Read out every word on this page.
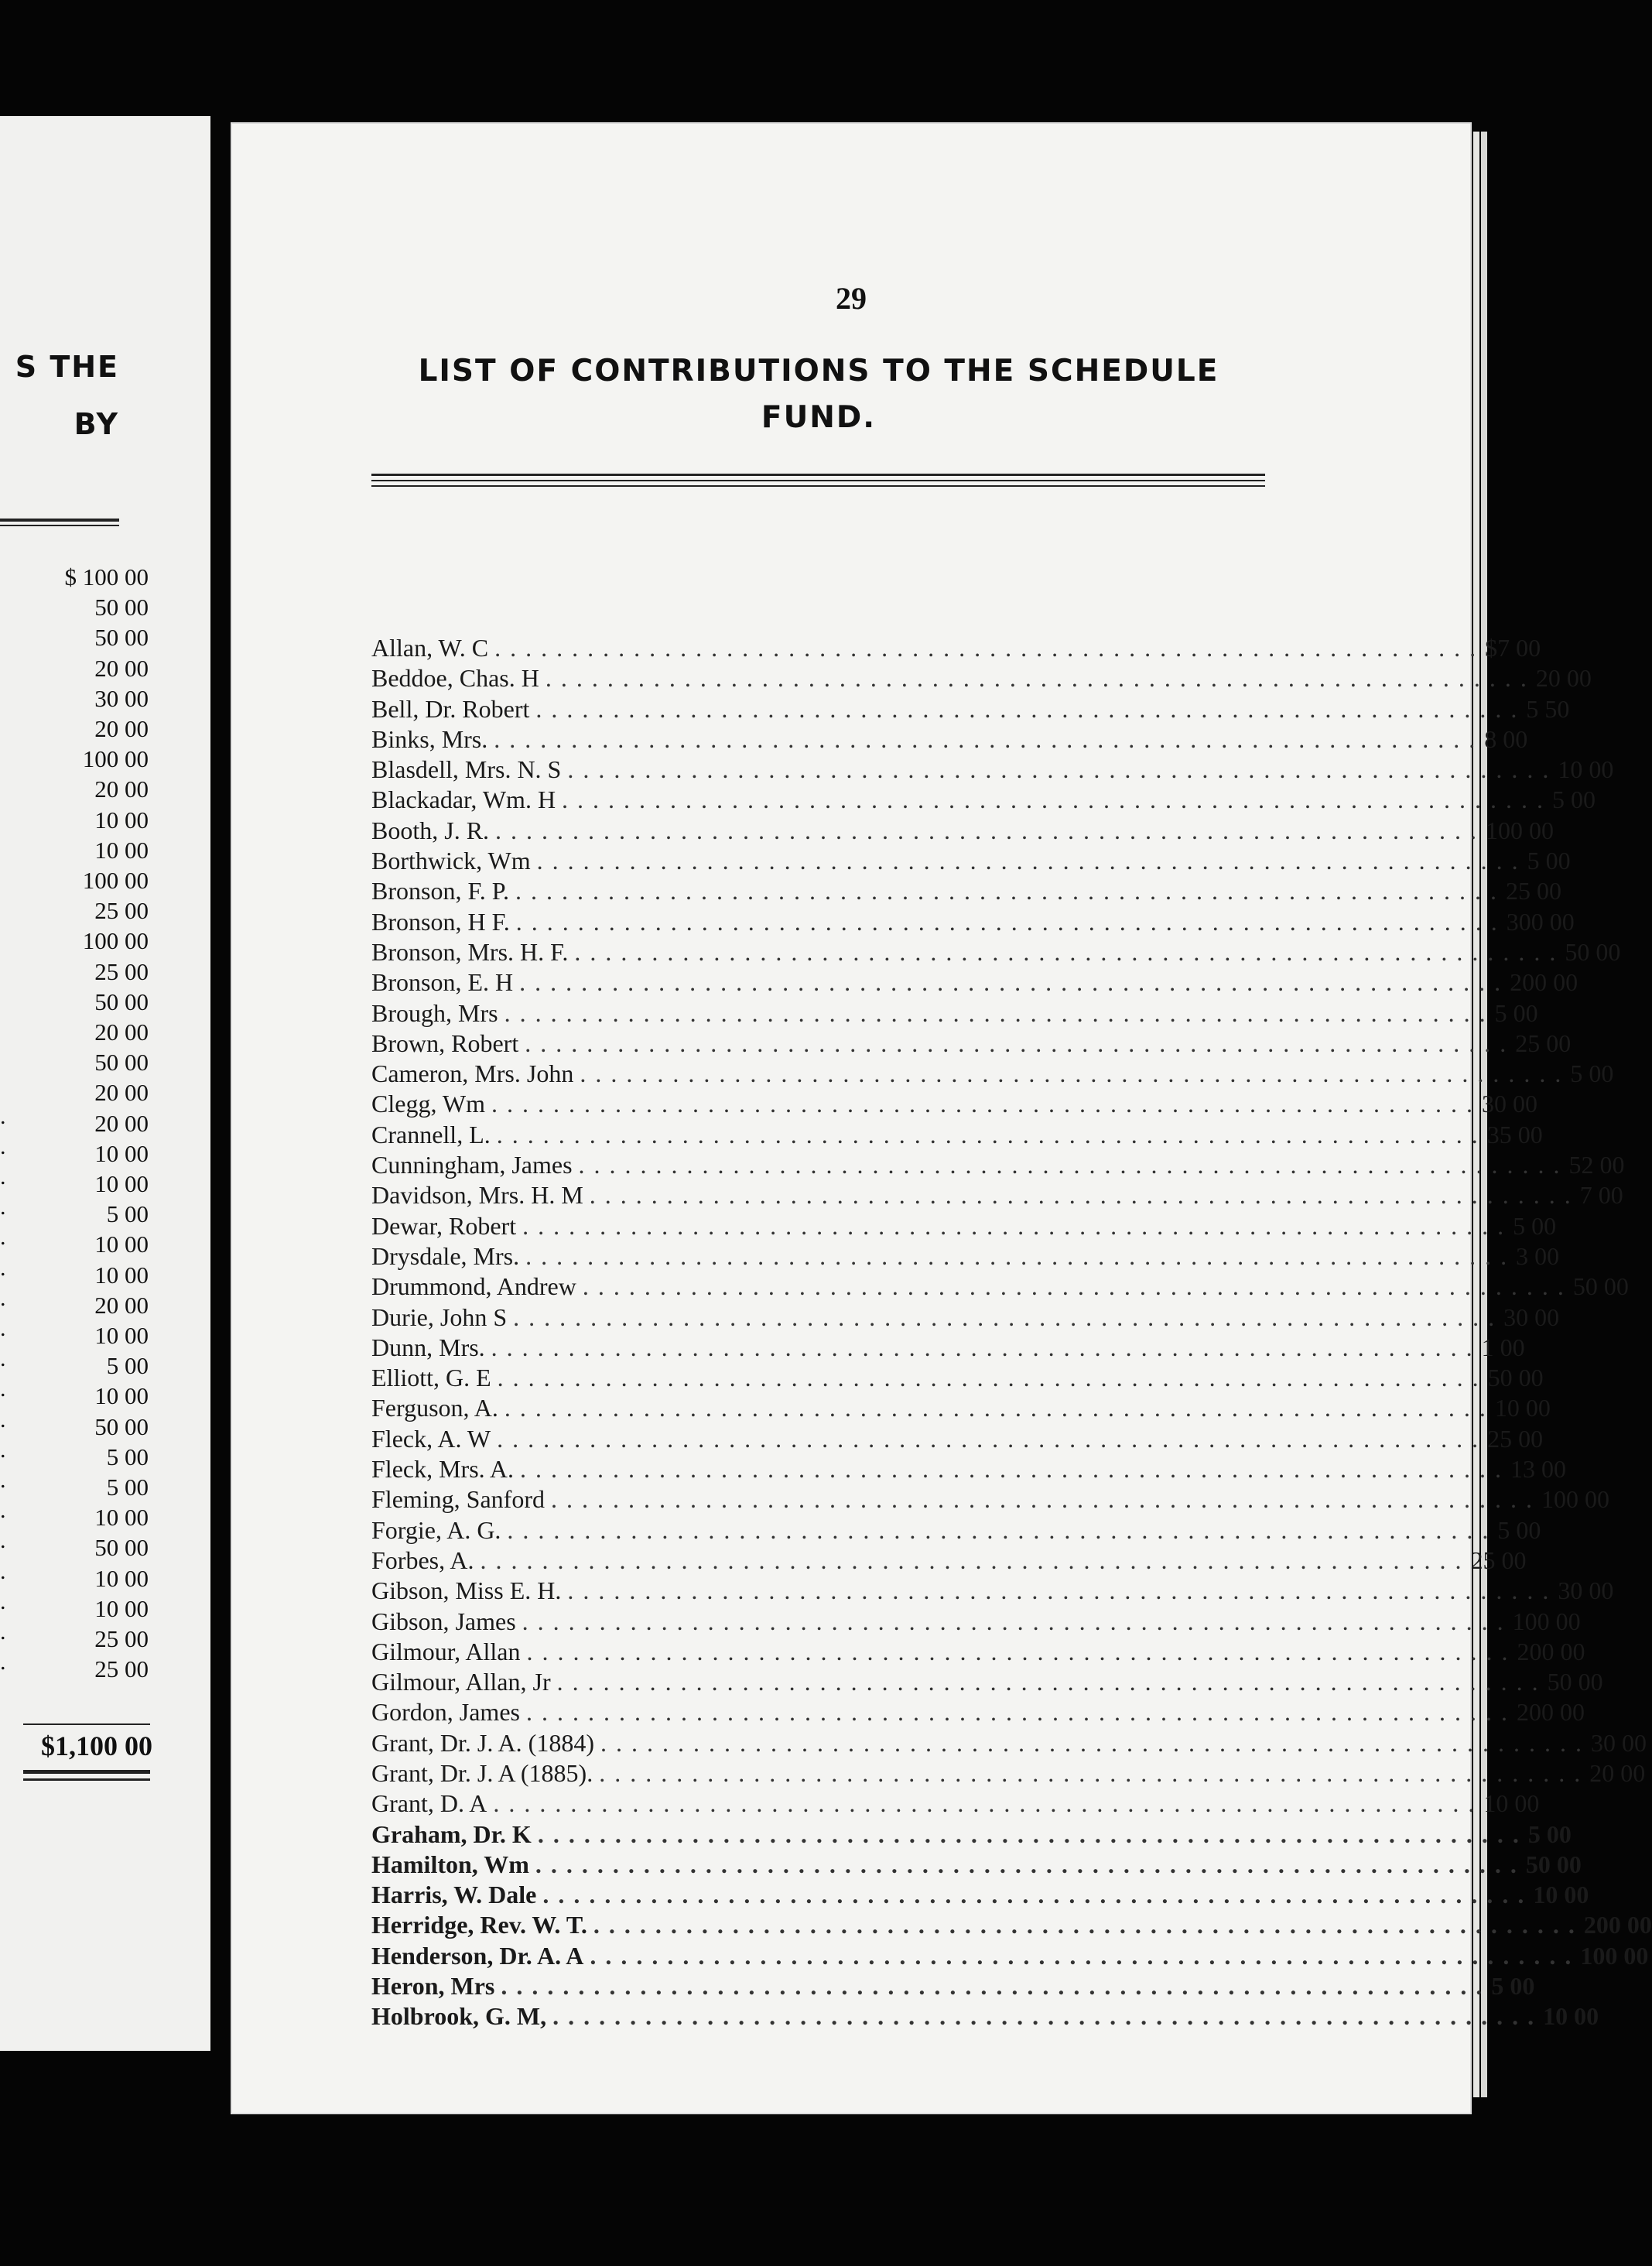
S THE
BY
$ 100 00
50 00
50 00
20 00
30 00
20 00
100 00
20 00
10 00
10 00
100 00
25 00
100 00
25 00
50 00
20 00
50 00
20 00
20 00
.
10 00
.
10 00
.
5 00
.
10 00
.
10 00
.
20 00
.
10 00
.
5 00
.
10 00
.
50 00
.
5 00
.
5 00
.
10 00
.
50 00
.
10 00
.
10 00
.
25 00
.
25 00
.
$1,100 00
29
LIST OF CONTRIBUTIONS TO THE SCHEDULE FUND.
Allan, W. C . . . . . . . . . . . . . . . . . . . . . . . . . . . . . . . . . . . . . . . . . . . . . . . . . . . . . . . . . . . . . . . . $7 00
Beddoe, Chas. H . . . . . . . . . . . . . . . . . . . . . . . . . . . . . . . . . . . . . . . . . . . . . . . . . . . . . . . . . . . . . . . . 20 00
Bell, Dr. Robert . . . . . . . . . . . . . . . . . . . . . . . . . . . . . . . . . . . . . . . . . . . . . . . . . . . . . . . . . . . . . . . . 5 50
Binks, Mrs. . . . . . . . . . . . . . . . . . . . . . . . . . . . . . . . . . . . . . . . . . . . . . . . . . . . . . . . . . . . . . . . . 8 00
Blasdell, Mrs. N. S . . . . . . . . . . . . . . . . . . . . . . . . . . . . . . . . . . . . . . . . . . . . . . . . . . . . . . . . . . . . . . . . 10 00
Blackadar, Wm. H . . . . . . . . . . . . . . . . . . . . . . . . . . . . . . . . . . . . . . . . . . . . . . . . . . . . . . . . . . . . . . . . 5 00
Booth, J. R. . . . . . . . . . . . . . . . . . . . . . . . . . . . . . . . . . . . . . . . . . . . . . . . . . . . . . . . . . . . . . . . . 100 00
Borthwick, Wm . . . . . . . . . . . . . . . . . . . . . . . . . . . . . . . . . . . . . . . . . . . . . . . . . . . . . . . . . . . . . . . . 5 00
Bronson, F. P. . . . . . . . . . . . . . . . . . . . . . . . . . . . . . . . . . . . . . . . . . . . . . . . . . . . . . . . . . . . . . . . . 25 00
Bronson, H F. . . . . . . . . . . . . . . . . . . . . . . . . . . . . . . . . . . . . . . . . . . . . . . . . . . . . . . . . . . . . . . . . 300 00
Bronson, Mrs. H. F. . . . . . . . . . . . . . . . . . . . . . . . . . . . . . . . . . . . . . . . . . . . . . . . . . . . . . . . . . . . . . . . . 50 00
Bronson, E. H . . . . . . . . . . . . . . . . . . . . . . . . . . . . . . . . . . . . . . . . . . . . . . . . . . . . . . . . . . . . . . . . 200 00
Brough, Mrs . . . . . . . . . . . . . . . . . . . . . . . . . . . . . . . . . . . . . . . . . . . . . . . . . . . . . . . . . . . . . . . . 5 00
Brown, Robert . . . . . . . . . . . . . . . . . . . . . . . . . . . . . . . . . . . . . . . . . . . . . . . . . . . . . . . . . . . . . . . . 25 00
Cameron, Mrs. John . . . . . . . . . . . . . . . . . . . . . . . . . . . . . . . . . . . . . . . . . . . . . . . . . . . . . . . . . . . . . . . . 5 00
Clegg, Wm . . . . . . . . . . . . . . . . . . . . . . . . . . . . . . . . . . . . . . . . . . . . . . . . . . . . . . . . . . . . . . . . 30 00
Crannell, L. . . . . . . . . . . . . . . . . . . . . . . . . . . . . . . . . . . . . . . . . . . . . . . . . . . . . . . . . . . . . . . . . 35 00
Cunningham, James . . . . . . . . . . . . . . . . . . . . . . . . . . . . . . . . . . . . . . . . . . . . . . . . . . . . . . . . . . . . . . . . 52 00
Davidson, Mrs. H. M . . . . . . . . . . . . . . . . . . . . . . . . . . . . . . . . . . . . . . . . . . . . . . . . . . . . . . . . . . . . . . . . 7 00
Dewar, Robert . . . . . . . . . . . . . . . . . . . . . . . . . . . . . . . . . . . . . . . . . . . . . . . . . . . . . . . . . . . . . . . . 5 00
Drysdale, Mrs. . . . . . . . . . . . . . . . . . . . . . . . . . . . . . . . . . . . . . . . . . . . . . . . . . . . . . . . . . . . . . . . . 3 00
Drummond, Andrew . . . . . . . . . . . . . . . . . . . . . . . . . . . . . . . . . . . . . . . . . . . . . . . . . . . . . . . . . . . . . . . . 50 00
Durie, John S . . . . . . . . . . . . . . . . . . . . . . . . . . . . . . . . . . . . . . . . . . . . . . . . . . . . . . . . . . . . . . . . 30 00
Dunn, Mrs. . . . . . . . . . . . . . . . . . . . . . . . . . . . . . . . . . . . . . . . . . . . . . . . . . . . . . . . . . . . . . . . . 1 00
Elliott, G. E . . . . . . . . . . . . . . . . . . . . . . . . . . . . . . . . . . . . . . . . . . . . . . . . . . . . . . . . . . . . . . . . 50 00
Ferguson, A. . . . . . . . . . . . . . . . . . . . . . . . . . . . . . . . . . . . . . . . . . . . . . . . . . . . . . . . . . . . . . . . . 10 00
Fleck, A. W . . . . . . . . . . . . . . . . . . . . . . . . . . . . . . . . . . . . . . . . . . . . . . . . . . . . . . . . . . . . . . . . 25 00
Fleck, Mrs. A. . . . . . . . . . . . . . . . . . . . . . . . . . . . . . . . . . . . . . . . . . . . . . . . . . . . . . . . . . . . . . . . . 13 00
Fleming, Sanford . . . . . . . . . . . . . . . . . . . . . . . . . . . . . . . . . . . . . . . . . . . . . . . . . . . . . . . . . . . . . . . . 100 00
Forgie, A. G. . . . . . . . . . . . . . . . . . . . . . . . . . . . . . . . . . . . . . . . . . . . . . . . . . . . . . . . . . . . . . . . . 5 00
Forbes, A. . . . . . . . . . . . . . . . . . . . . . . . . . . . . . . . . . . . . . . . . . . . . . . . . . . . . . . . . . . . . . . . . 25 00
Gibson, Miss E. H. . . . . . . . . . . . . . . . . . . . . . . . . . . . . . . . . . . . . . . . . . . . . . . . . . . . . . . . . . . . . . . . . 30 00
Gibson, James . . . . . . . . . . . . . . . . . . . . . . . . . . . . . . . . . . . . . . . . . . . . . . . . . . . . . . . . . . . . . . . . 100 00
Gilmour, Allan . . . . . . . . . . . . . . . . . . . . . . . . . . . . . . . . . . . . . . . . . . . . . . . . . . . . . . . . . . . . . . . . 200 00
Gilmour, Allan, Jr . . . . . . . . . . . . . . . . . . . . . . . . . . . . . . . . . . . . . . . . . . . . . . . . . . . . . . . . . . . . . . . . 50 00
Gordon, James . . . . . . . . . . . . . . . . . . . . . . . . . . . . . . . . . . . . . . . . . . . . . . . . . . . . . . . . . . . . . . . . 200 00
Grant, Dr. J. A. (1884) . . . . . . . . . . . . . . . . . . . . . . . . . . . . . . . . . . . . . . . . . . . . . . . . . . . . . . . . . . . . . . . . 30 00
Grant, Dr. J. A (1885). . . . . . . . . . . . . . . . . . . . . . . . . . . . . . . . . . . . . . . . . . . . . . . . . . . . . . . . . . . . . . . . . 20 00
Grant, D. A . . . . . . . . . . . . . . . . . . . . . . . . . . . . . . . . . . . . . . . . . . . . . . . . . . . . . . . . . . . . . . . . 10 00
Graham, Dr. K . . . . . . . . . . . . . . . . . . . . . . . . . . . . . . . . . . . . . . . . . . . . . . . . . . . . . . . . . . . . . . . . 5 00
Hamilton, Wm . . . . . . . . . . . . . . . . . . . . . . . . . . . . . . . . . . . . . . . . . . . . . . . . . . . . . . . . . . . . . . . . 50 00
Harris, W. Dale . . . . . . . . . . . . . . . . . . . . . . . . . . . . . . . . . . . . . . . . . . . . . . . . . . . . . . . . . . . . . . . . 10 00
Herridge, Rev. W. T. . . . . . . . . . . . . . . . . . . . . . . . . . . . . . . . . . . . . . . . . . . . . . . . . . . . . . . . . . . . . . . . . 200 00
Henderson, Dr. A. A . . . . . . . . . . . . . . . . . . . . . . . . . . . . . . . . . . . . . . . . . . . . . . . . . . . . . . . . . . . . . . . . 100 00
Heron, Mrs . . . . . . . . . . . . . . . . . . . . . . . . . . . . . . . . . . . . . . . . . . . . . . . . . . . . . . . . . . . . . . . . 5 00
Holbrook, G. M, . . . . . . . . . . . . . . . . . . . . . . . . . . . . . . . . . . . . . . . . . . . . . . . . . . . . . . . . . . . . . . . . 10 00
